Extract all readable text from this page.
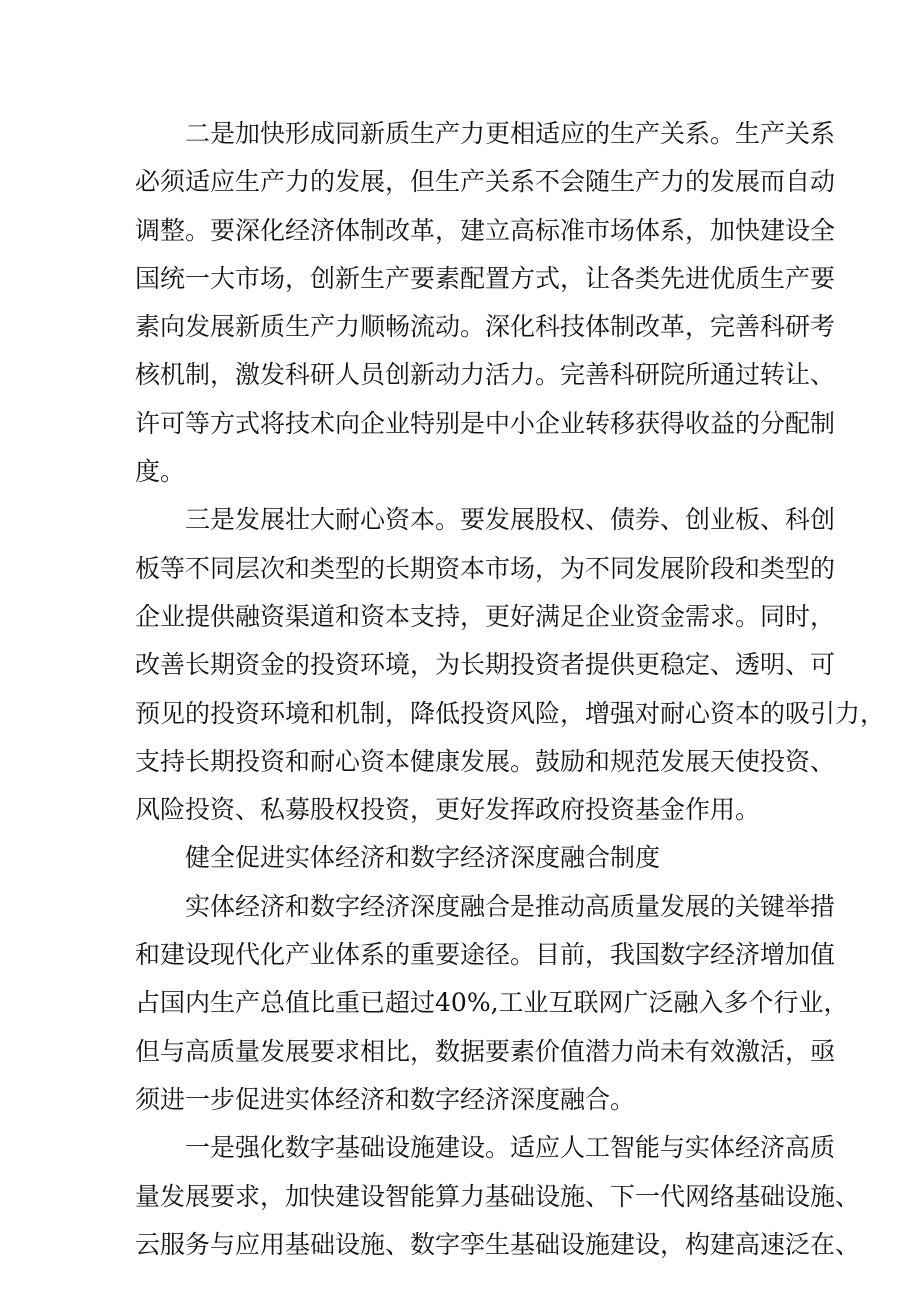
二是加快形成同新质生产力更相适应的生产关系。生产关系
必须适应生产力的发展，但生产关系不会随生产力的发展而自动
调整。要深化经济体制改革，建立高标准市场体系，加快建设全
国统一大市场，创新生产要素配置方式，让各类先进优质生产要
素向发展新质生产力顺畅流动。深化科技体制改革，完善科研考
核机制，激发科研人员创新动力活力。完善科研院所通过转让、
许可等方式将技术向企业特别是中小企业转移获得收益的分配制
度。
三是发展壮大耐心资本。要发展股权、债券、创业板、科创
板等不同层次和类型的长期资本市场，为不同发展阶段和类型的
企业提供融资渠道和资本支持，更好满足企业资金需求。同时，
改善长期资金的投资环境，为长期投资者提供更稳定、透明、可
预见的投资环境和机制，降低投资风险，增强对耐心资本的吸引力，
支持长期投资和耐心资本健康发展。鼓励和规范发展天使投资、
风险投资、私募股权投资，更好发挥政府投资基金作用。
健全促进实体经济和数字经济深度融合制度
实体经济和数字经济深度融合是推动高质量发展的关键举措
和建设现代化产业体系的重要途径。目前，我国数字经济增加值
占国内生产总值比重已超过40%,工业互联网广泛融入多个行业，
但与高质量发展要求相比，数据要素价值潜力尚未有效激活，亟
须进一步促进实体经济和数字经济深度融合。
一是强化数字基础设施建设。适应人工智能与实体经济高质
量发展要求，加快建设智能算力基础设施、下一代网络基础设施、
云服务与应用基础设施、数字孪生基础设施建设，构建高速泛在、
